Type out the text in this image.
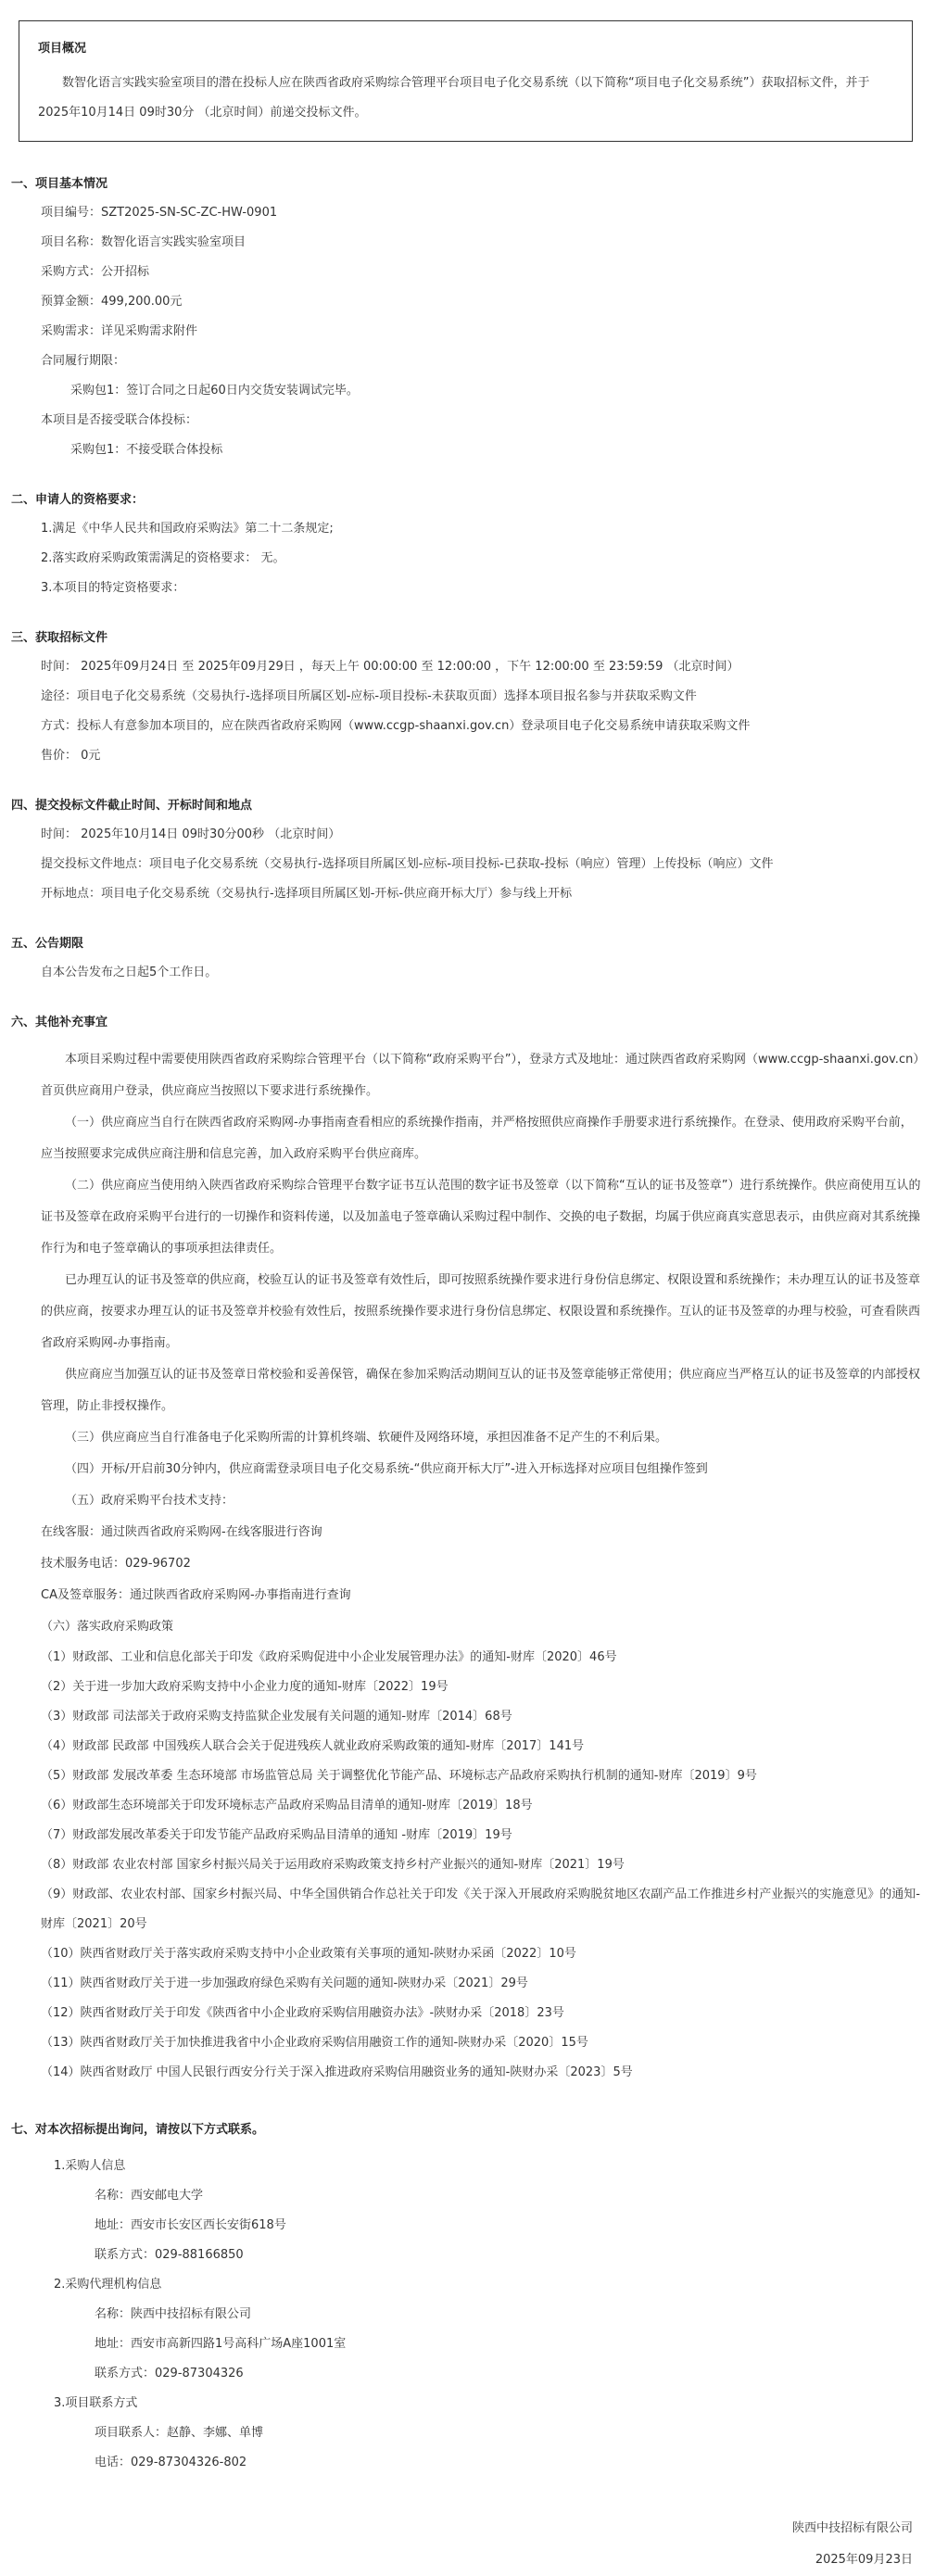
项目概况
数智化语言实践实验室项目的潜在投标人应在陕西省政府采购综合管理平台项目电子化交易系统（以下简称“项目电子化交易系统”）获取招标文件，并于 2025年10月14日 09时30分 （北京时间）前递交投标文件。
一、项目基本情况
项目编号：SZT2025-SN-SC-ZC-HW-0901
项目名称：数智化语言实践实验室项目
采购方式：公开招标
预算金额：499,200.00元
采购需求：详见采购需求附件
合同履行期限：
采购包1：签订合同之日起60日内交货安装调试完毕。
本项目是否接受联合体投标：
采购包1：不接受联合体投标
二、申请人的资格要求：
1.满足《中华人民共和国政府采购法》第二十二条规定;
2.落实政府采购政策需满足的资格要求： 无。
3.本项目的特定资格要求：
三、获取招标文件
时间： 2025年09月24日 至 2025年09月29日 ，每天上午 00:00:00 至 12:00:00 ，下午 12:00:00 至 23:59:59 （北京时间）
途径：项目电子化交易系统（交易执行-选择项目所属区划-应标-项目投标-未获取页面）选择本项目报名参与并获取采购文件
方式：投标人有意参加本项目的，应在陕西省政府采购网（www.ccgp-shaanxi.gov.cn）登录项目电子化交易系统申请获取采购文件
售价： 0元
四、提交投标文件截止时间、开标时间和地点
时间： 2025年10月14日 09时30分00秒 （北京时间）
提交投标文件地点：项目电子化交易系统（交易执行-选择项目所属区划-应标-项目投标-已获取-投标（响应）管理）上传投标（响应）文件
开标地点：项目电子化交易系统（交易执行-选择项目所属区划-开标-供应商开标大厅）参与线上开标
五、公告期限
自本公告发布之日起5个工作日。
六、其他补充事宜
本项目采购过程中需要使用陕西省政府采购综合管理平台（以下简称“政府采购平台”），登录方式及地址：通过陕西省政府采购网（www.ccgp-shaanxi.gov.cn）首页供应商用户登录，供应商应当按照以下要求进行系统操作。
（一）供应商应当自行在陕西省政府采购网-办事指南查看相应的系统操作指南，并严格按照供应商操作手册要求进行系统操作。在登录、使用政府采购平台前，应当按照要求完成供应商注册和信息完善，加入政府采购平台供应商库。
（二）供应商应当使用纳入陕西省政府采购综合管理平台数字证书互认范围的数字证书及签章（以下简称“互认的证书及签章”）进行系统操作。供应商使用互认的证书及签章在政府采购平台进行的一切操作和资料传递，以及加盖电子签章确认采购过程中制作、交换的电子数据，均属于供应商真实意思表示，由供应商对其系统操作行为和电子签章确认的事项承担法律责任。
已办理互认的证书及签章的供应商，校验互认的证书及签章有效性后，即可按照系统操作要求进行身份信息绑定、权限设置和系统操作；未办理互认的证书及签章的供应商，按要求办理互认的证书及签章并校验有效性后，按照系统操作要求进行身份信息绑定、权限设置和系统操作。互认的证书及签章的办理与校验，可查看陕西省政府采购网-办事指南。
供应商应当加强互认的证书及签章日常校验和妥善保管，确保在参加采购活动期间互认的证书及签章能够正常使用；供应商应当严格互认的证书及签章的内部授权管理，防止非授权操作。
（三）供应商应当自行准备电子化采购所需的计算机终端、软硬件及网络环境，承担因准备不足产生的不利后果。
（四）开标/开启前30分钟内，供应商需登录项目电子化交易系统-“供应商开标大厅”-进入开标选择对应项目包组操作签到
（五）政府采购平台技术支持：
在线客服：通过陕西省政府采购网-在线客服进行咨询
技术服务电话：029-96702
CA及签章服务：通过陕西省政府采购网-办事指南进行查询
（六）落实政府采购政策
（1）财政部、工业和信息化部关于印发《政府采购促进中小企业发展管理办法》的通知-财库〔2020〕46号
（2）关于进一步加大政府采购支持中小企业力度的通知-财库〔2022〕19号
（3）财政部 司法部关于政府采购支持监狱企业发展有关问题的通知-财库〔2014〕68号
（4）财政部 民政部 中国残疾人联合会关于促进残疾人就业政府采购政策的通知-财库〔2017〕141号
（5）财政部 发展改革委 生态环境部 市场监管总局 关于调整优化节能产品、环境标志产品政府采购执行机制的通知-财库〔2019〕9号
（6）财政部生态环境部关于印发环境标志产品政府采购品目清单的通知-财库〔2019〕18号
（7）财政部发展改革委关于印发节能产品政府采购品目清单的通知 -财库〔2019〕19号
（8）财政部 农业农村部 国家乡村振兴局关于运用政府采购政策支持乡村产业振兴的通知-财库〔2021〕19号
（9）财政部、农业农村部、国家乡村振兴局、中华全国供销合作总社关于印发《关于深入开展政府采购脱贫地区农副产品工作推进乡村产业振兴的实施意见》的通知-财库〔2021〕20号
（10）陕西省财政厅关于落实政府采购支持中小企业政策有关事项的通知-陕财办采函〔2022〕10号
（11）陕西省财政厅关于进一步加强政府绿色采购有关问题的通知-陕财办采〔2021〕29号
（12）陕西省财政厅关于印发《陕西省中小企业政府采购信用融资办法》-陕财办采〔2018〕23号
（13）陕西省财政厅关于加快推进我省中小企业政府采购信用融资工作的通知-陕财办采〔2020〕15号
（14）陕西省财政厅 中国人民银行西安分行关于深入推进政府采购信用融资业务的通知-陕财办采〔2023〕5号
七、对本次招标提出询问，请按以下方式联系。
1.采购人信息
名称：西安邮电大学
地址：西安市长安区西长安街618号
联系方式：029-88166850
2.采购代理机构信息
名称：陕西中技招标有限公司
地址：西安市高新四路1号高科广场A座1001室
联系方式：029-87304326
3.项目联系方式
项目联系人：赵静、李娜、单博
电话：029-87304326-802
陕西中技招标有限公司
2025年09月23日
